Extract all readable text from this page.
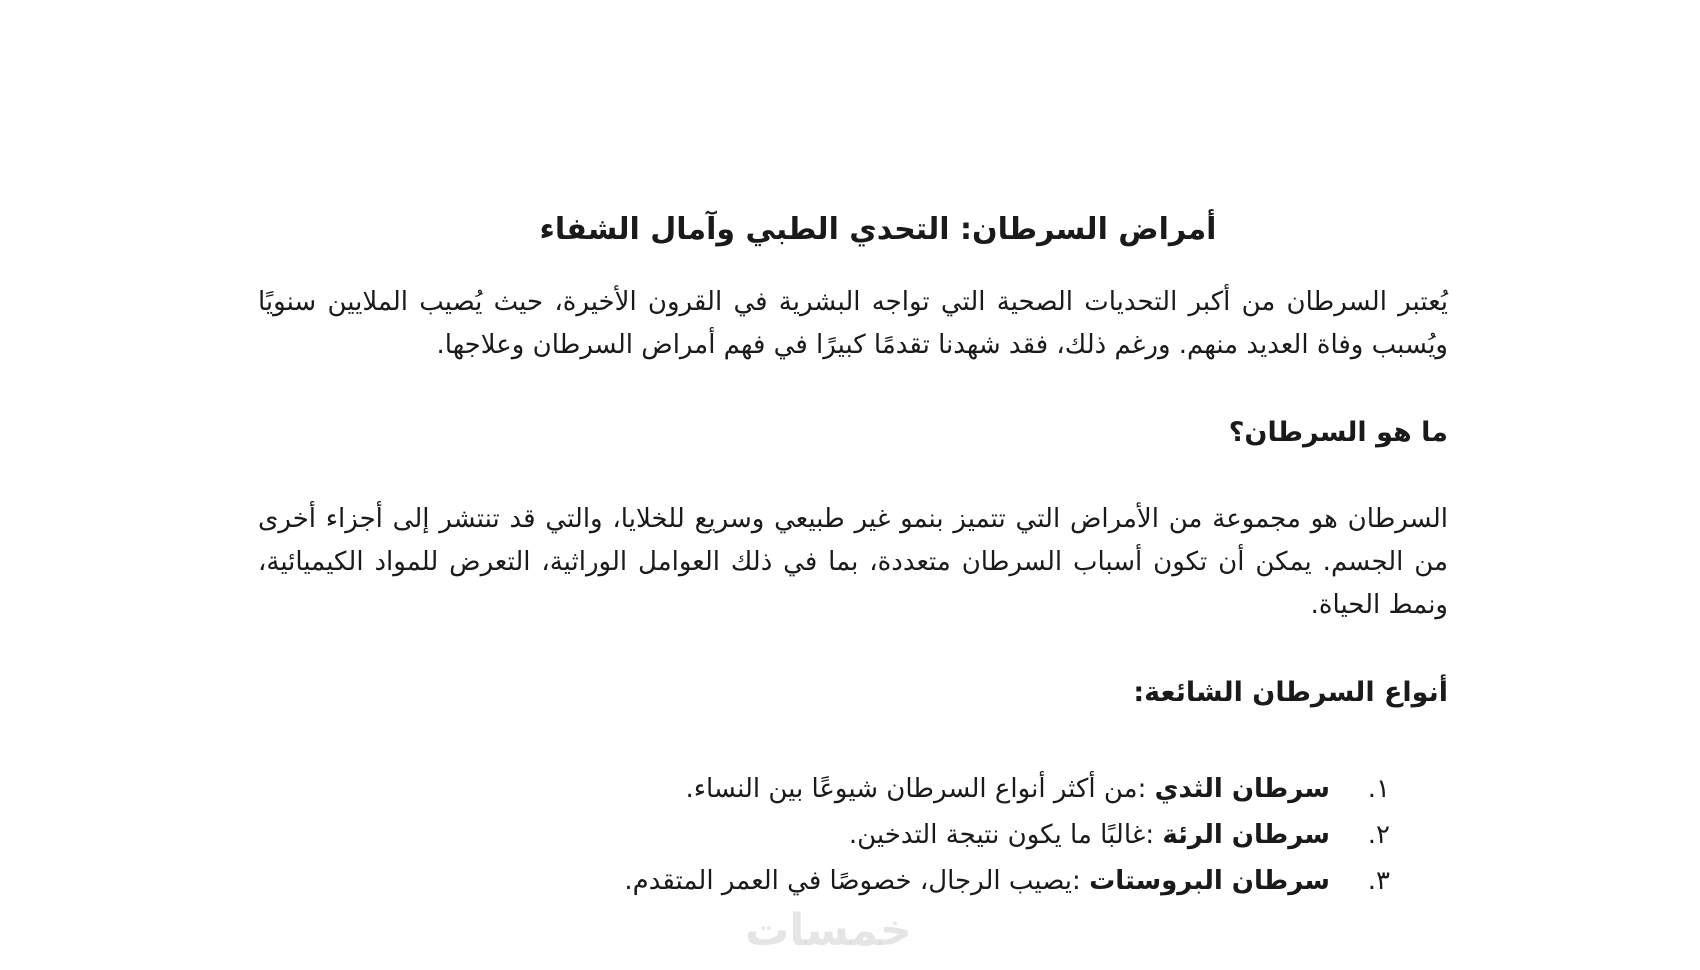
أمراض السرطان: التحدي الطبي وآمال الشفاء

يُعتبر السرطان من أكبر التحديات الصحية التي تواجه البشرية في القرون الأخيرة، حيث يُصيب الملايين سنويًا ويُسبب وفاة العديد منهم. ورغم ذلك، فقد شهدنا تقدمًا كبيرًا في فهم أمراض السرطان وعلاجها.

ما هو السرطان؟

السرطان هو مجموعة من الأمراض التي تتميز بنمو غير طبيعي وسريع للخلايا، والتي قد تنتشر إلى أجزاء أخرى من الجسم. يمكن أن تكون أسباب السرطان متعددة، بما في ذلك العوامل الوراثية، التعرض للمواد الكيميائية، ونمط الحياة.

أنواع السرطان الشائعة:
١.
سرطان الثدي :من أكثر أنواع السرطان شيوعًا بين النساء.
٢.
سرطان الرئة :غالبًا ما يكون نتيجة التدخين.
٣.
سرطان البروستات :يصيب الرجال، خصوصًا في العمر المتقدم.
خمسات
